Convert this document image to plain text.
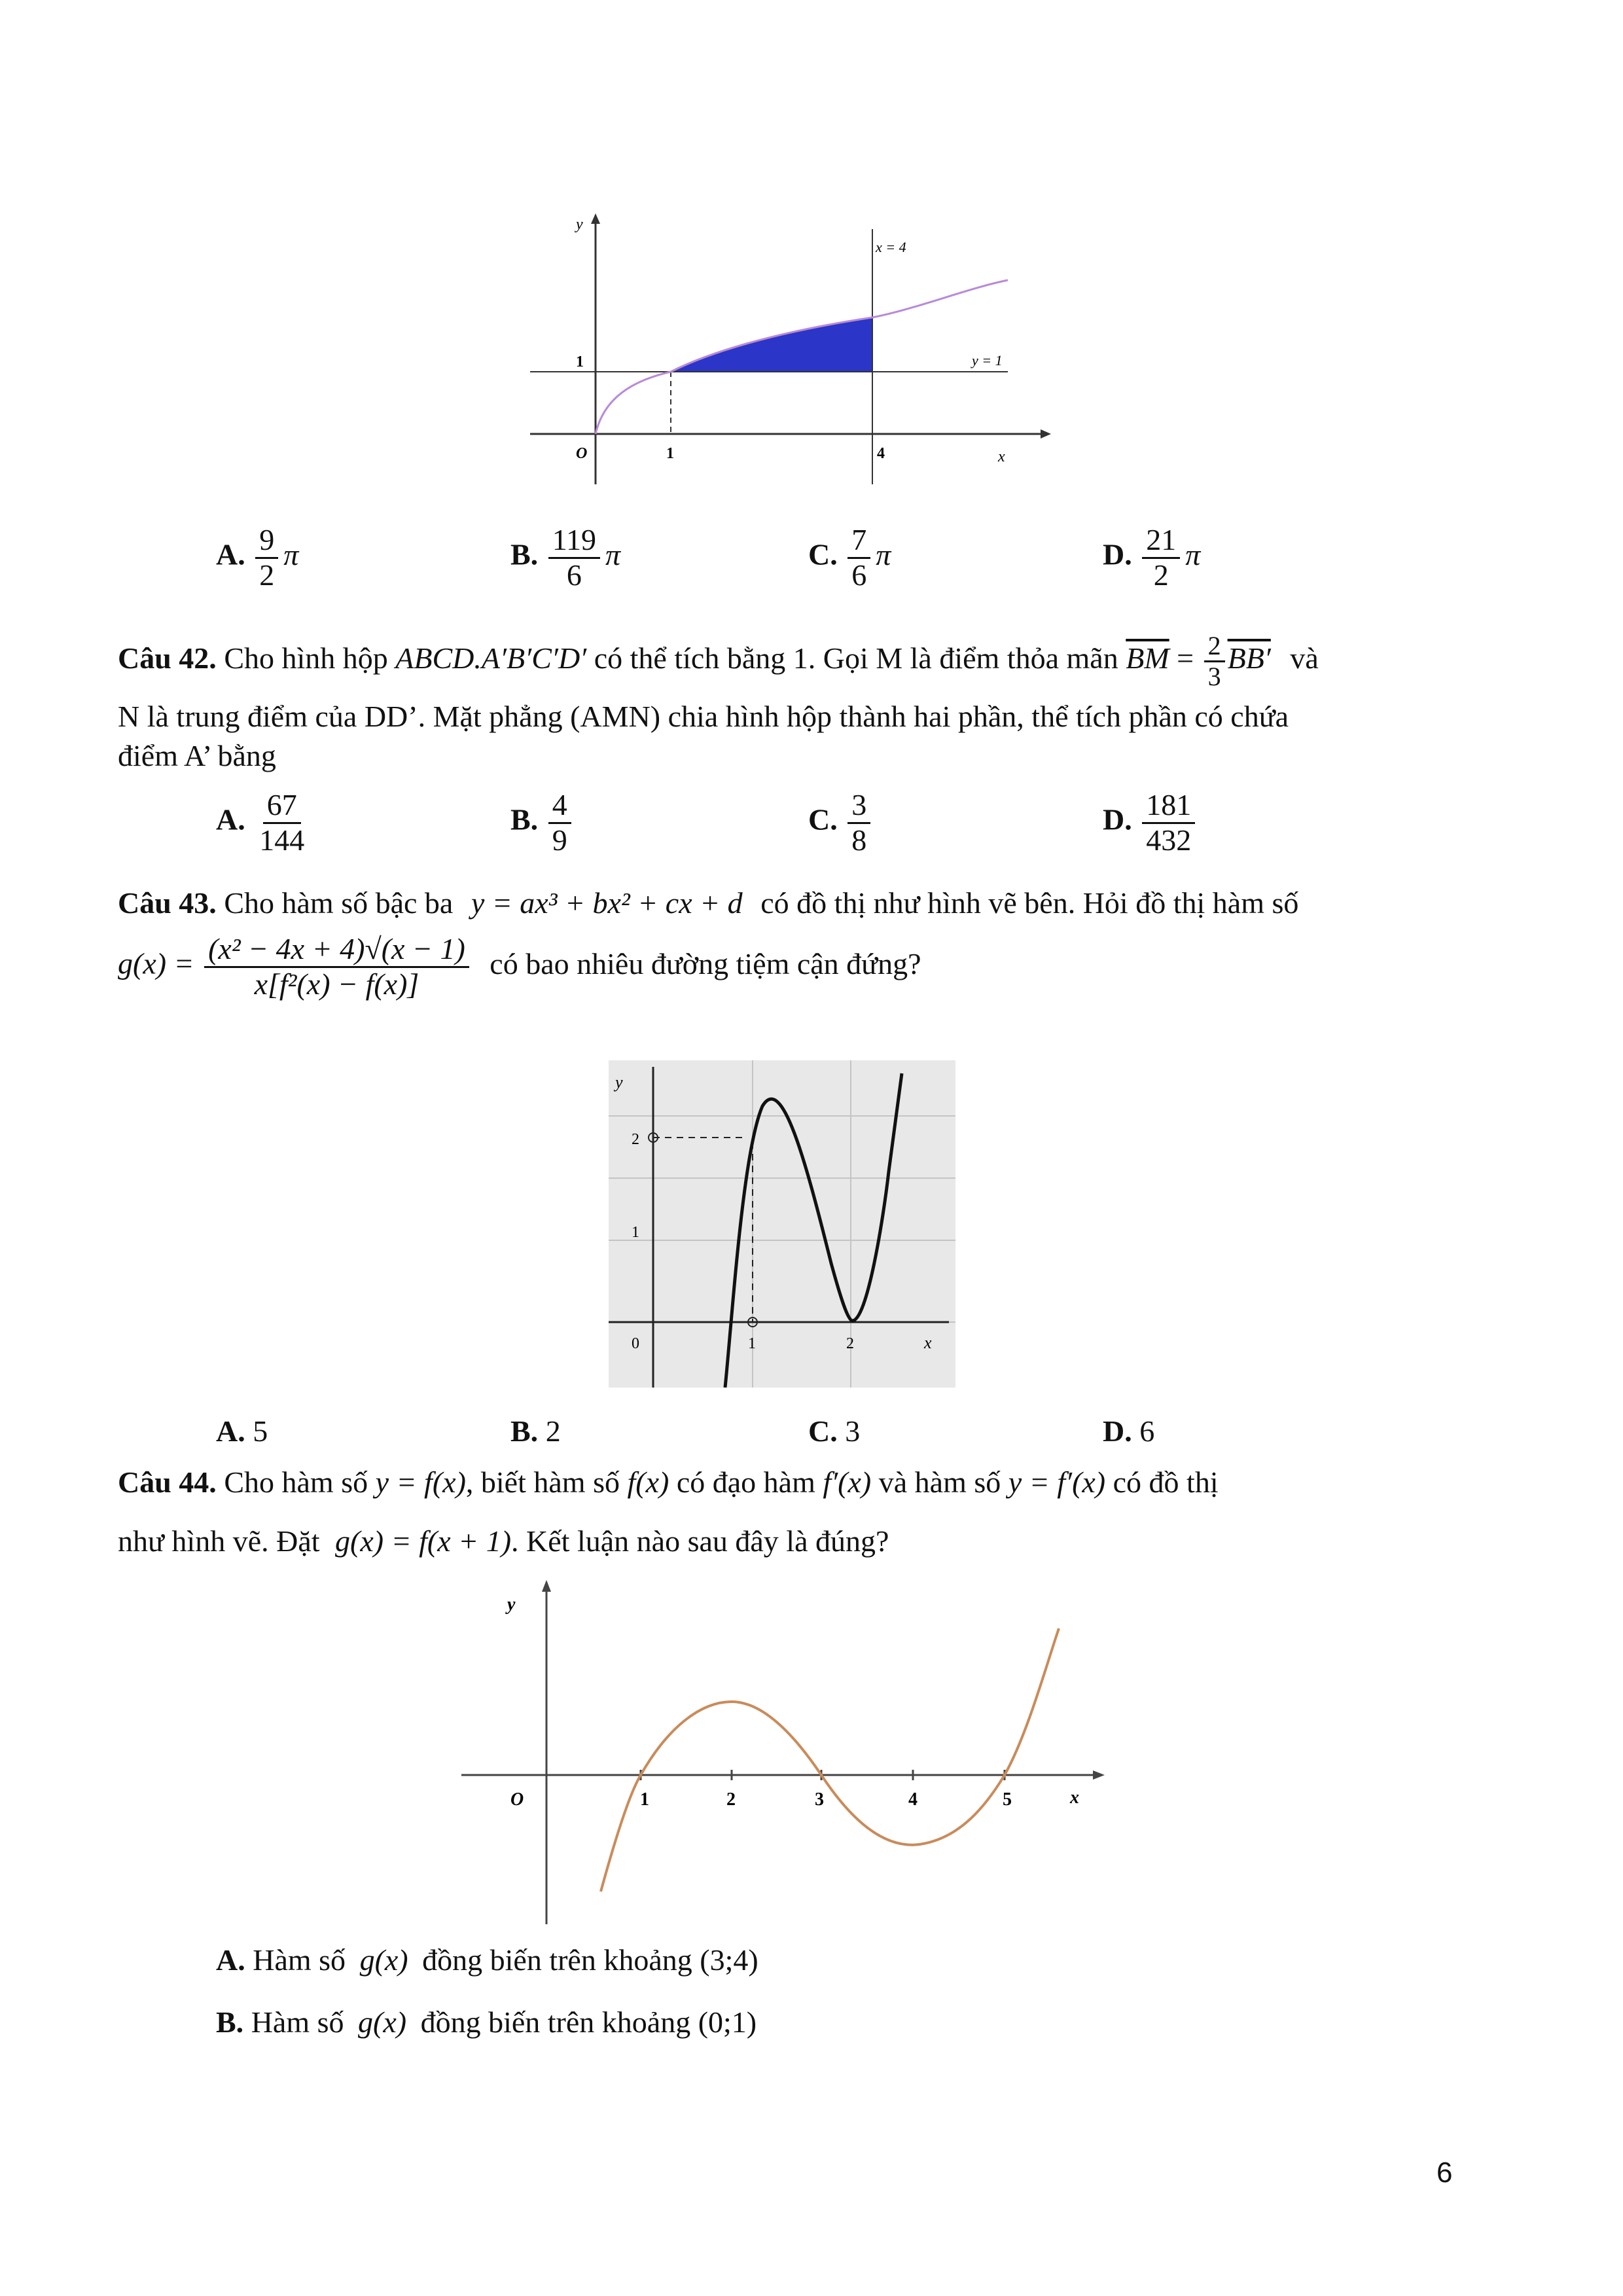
y
x
O
1
1	4
x = 4
y = 1
A. $\frac{9}{2}$ π	B. $\frac{119}{6}$ π	C. $\frac{7}{6}$ π	D. $\frac{21}{2}$ π
Câu 42. Cho hình hộp ABCD.A′B′C′D′ có thể tích bằng 1. Gọi M là điểm thỏa mãn $\overline{BM} = \frac{2}{3} BB'$ và
N là trung điểm của DD’. Mặt phẳng (AMN) chia hình hộp thành hai phần, thể tích phần có chứa
điểm A’ bằng
A. $\frac{67}{144}$	B. $\frac{4}{9}$	C. $\frac{3}{8}$	D. $\frac{181}{432}$
Câu 43. Cho hàm số bậc ba y = ax³ + bx² + cx + d có đồ thị như hình vẽ bên. Hỏi đồ thị hàm số
$g(x) = \frac{\text{(x² − 4x + 4)√(x − 1)}}{\text{x[f²(x) − f(x)]}}$ có bao nhiêu đường tiệm cận đứng?
y
x
0	1	2
1
2
A. 5	B. 2	C. 3	D. 6
Câu 44. Cho hàm số y = f(x), biết hàm số f(x) có đạo hàm f′(x) và hàm số y = f′(x) có đồ thị
như hình vẽ. Đặt g(x) = f(x + 1). Kết luận nào sau đây là đúng?
y
x
O	1	2	3	4	5
A. Hàm số g(x) đồng biến trên khoảng (3;4)
B. Hàm số g(x) đồng biến trên khoảng (0;1)
6
